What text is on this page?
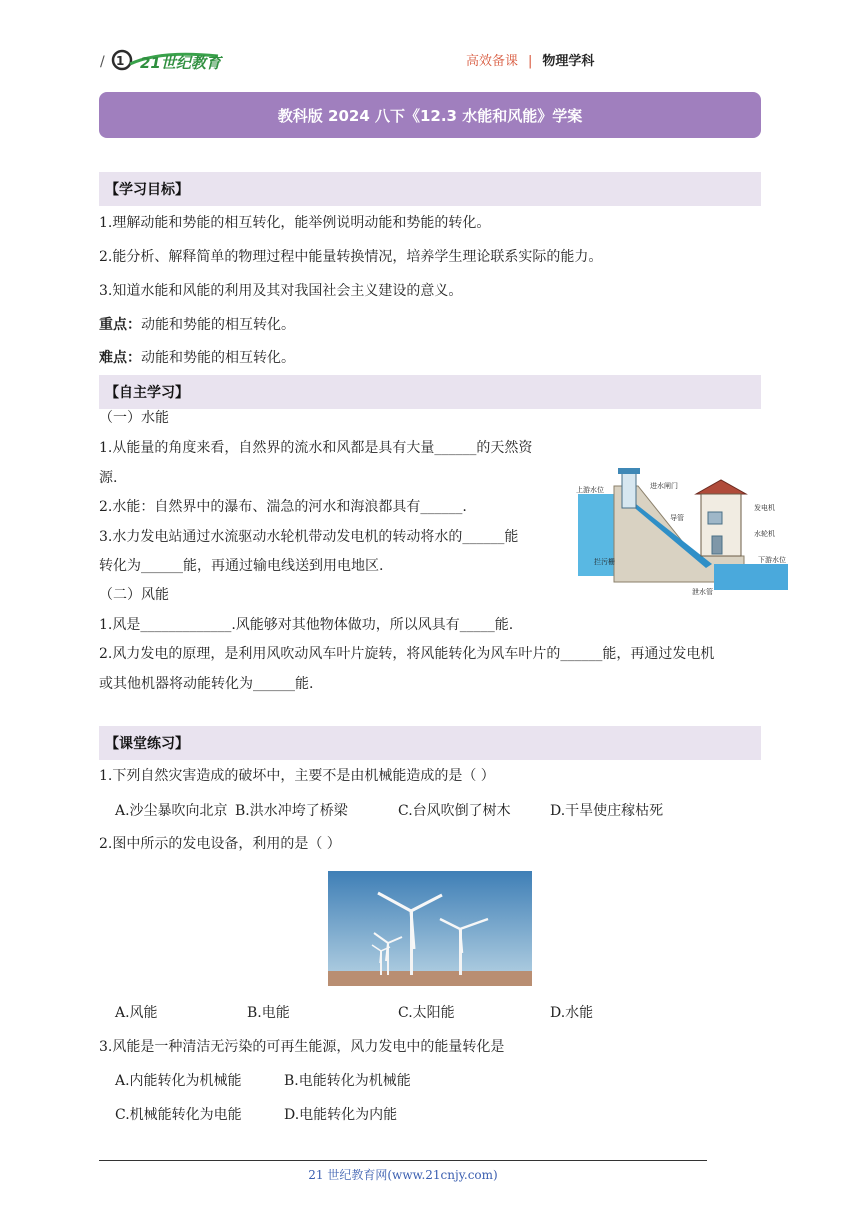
/ 1 21世纪教育	高效备课 | 物理学科
教科版 2024 八下《12.3 水能和风能》学案
【学习目标】
1.理解动能和势能的相互转化，能举例说明动能和势能的转化。
2.能分析、解释简单的物理过程中能量转换情况，培养学生理论联系实际的能力。
3.知道水能和风能的利用及其对我国社会主义建设的意义。
重点：动能和势能的相互转化。
难点：动能和势能的相互转化。
【自主学习】
（一）水能
1.从能量的角度来看，自然界的流水和风都是具有大量______的天然资
源.
2.水能：自然界中的瀑布、湍急的河水和海浪都具有______.
3.水力发电站通过水流驱动水轮机带动发电机的转动将水的______能
转化为______能，再通过输电线送到用电地区.
上游水位	进水闸门
导管
发电机
水轮机
下游水位
拦污栅
泄水管
（二）风能
1.风是_____________.风能够对其他物体做功，所以风具有_____能.
2.风力发电的原理，是利用风吹动风车叶片旋转，将风能转化为风车叶片的______能，再通过发电机
或其他机器将动能转化为______能.
【课堂练习】
1.下列自然灾害造成的破坏中，主要不是由机械能造成的是（ ）
A.沙尘暴吹向北京 B.洪水冲垮了桥梁	C.台风吹倒了树木	D.干旱使庄稼枯死
2.图中所示的发电设备，利用的是（ ）
A.风能	B.电能	C.太阳能	D.水能
3.风能是一种清洁无污染的可再生能源，风力发电中的能量转化是
A.内能转化为机械能	B.电能转化为机械能
C.机械能转化为电能	D.电能转化为内能
21 世纪教育网(www.21cnjy.com)
